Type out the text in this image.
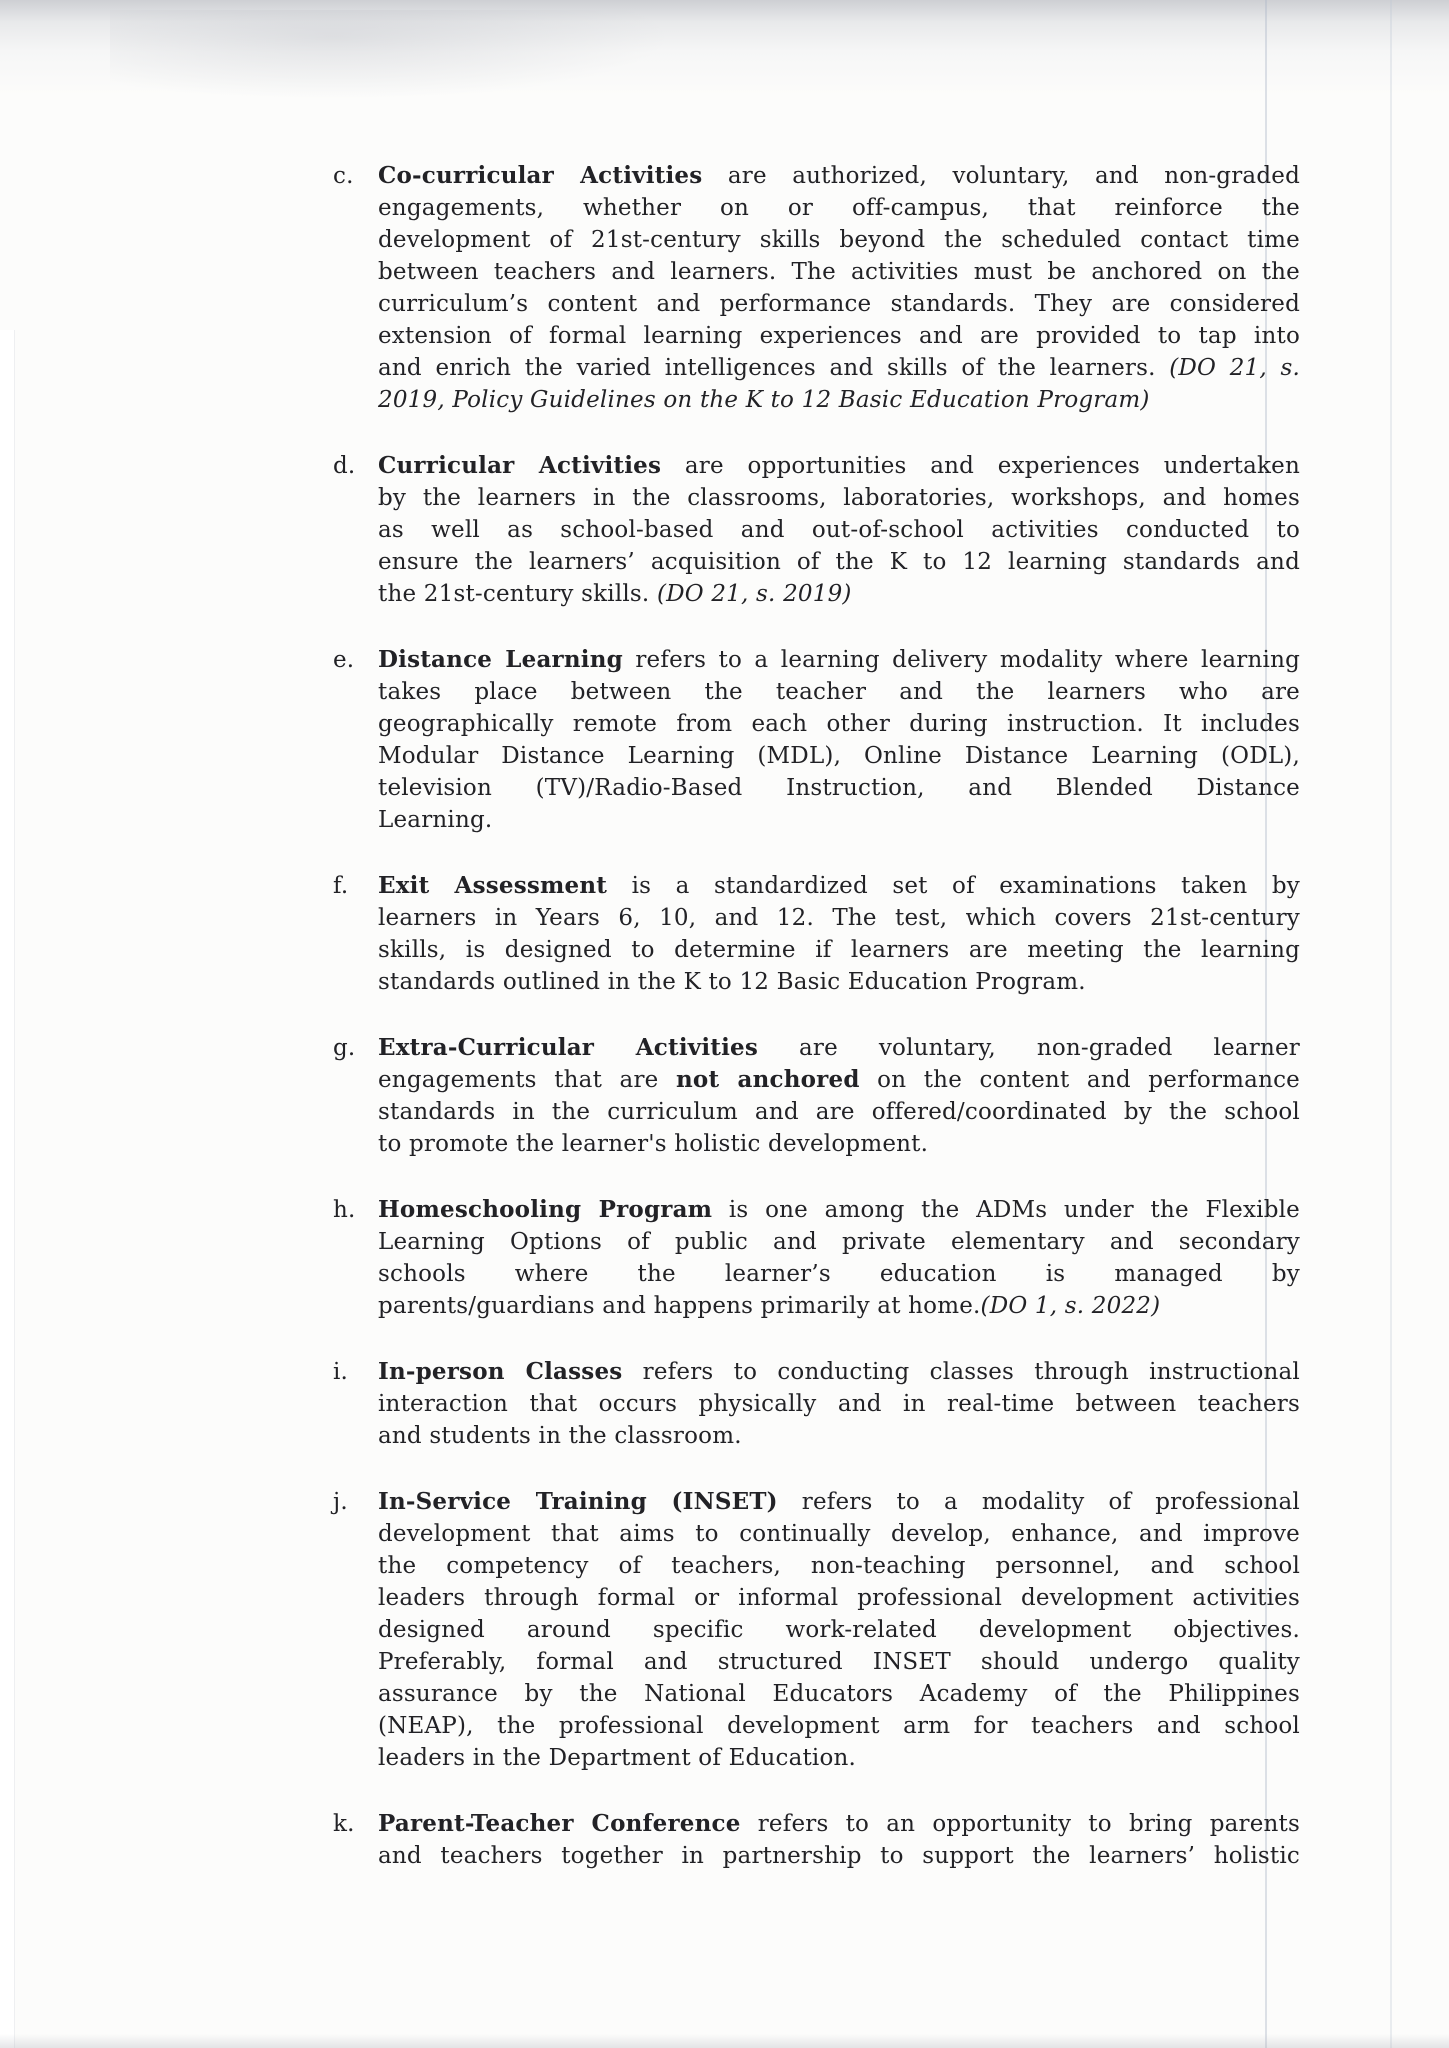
c.	Co-curricular Activities are authorized, voluntary, and non-graded
engagements, whether on or off-campus, that reinforce the
development of 21st-century skills beyond the scheduled contact time
between teachers and learners. The activities must be anchored on the
curriculum’s content and performance standards. They are considered
extension of formal learning experiences and are provided to tap into
and enrich the varied intelligences and skills of the learners. (DO 21, s.
2019, Policy Guidelines on the K to 12 Basic Education Program)
d. Curricular Activities are opportunities and experiences undertaken
by the learners in the classrooms, laboratories, workshops, and homes
as well as school-based and out-of-school activities conducted to
ensure the learners’ acquisition of the K to 12 learning standards and
the 21st-century skills. (DO 21, s. 2019)
e.	Distance Learning refers to a learning delivery modality where learning
takes place between the teacher and the learners who are
geographically remote from each other during instruction. It includes
Modular Distance Learning (MDL), Online Distance Learning (ODL),
television (TV)/Radio-Based Instruction, and Blended Distance
Learning.
f.	Exit Assessment is a standardized set of examinations taken by
learners in Years 6, 10, and 12. The test, which covers 21st-century
skills, is designed to determine if learners are meeting the learning
standards outlined in the K to 12 Basic Education Program.
g. Extra-Curricular Activities are voluntary, non-graded learner
engagements that are not anchored on the content and performance
standards in the curriculum and are offered/coordinated by the school
to promote the learner's holistic development.
h. Homeschooling Program is one among the ADMs under the Flexible
Learning Options of public and private elementary and secondary
schools where the learner’s education is managed by
parents/guardians and happens primarily at home.(DO 1, s. 2022)
i.	In-person Classes refers to conducting classes through instructional
interaction that occurs physically and in real-time between teachers
and students in the classroom.
j.	In-Service Training (INSET) refers to a modality of professional
development that aims to continually develop, enhance, and improve
the competency of teachers, non-teaching personnel, and school
leaders through formal or informal professional development activities
designed around specific work-related development objectives.
Preferably, formal and structured INSET should undergo quality
assurance by the National Educators Academy of the Philippines
(NEAP), the professional development arm for teachers and school
leaders in the Department of Education.
k.	Parent-Teacher Conference refers to an opportunity to bring parents
and teachers together in partnership to support the learners’ holistic
